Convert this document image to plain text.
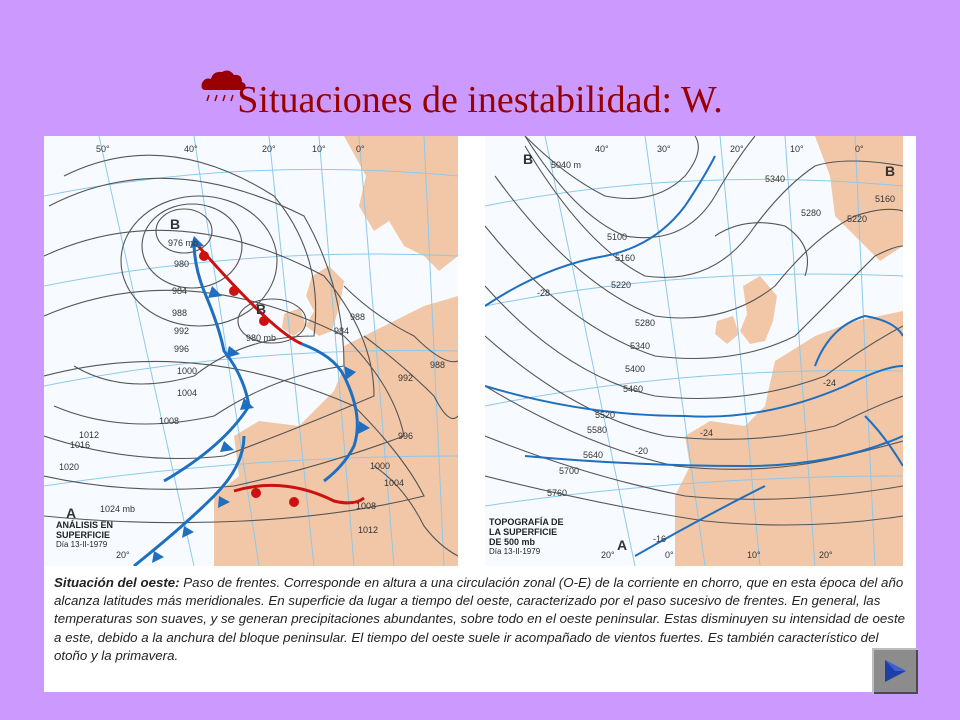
Situaciones de inestabilidad: W.
50°	40°	20°	10°	0°
20°
B
B
A
976 mb
980
984
988
992
996
1000
1004
1008
1012
1016
1020
1024 mb
980 mb
984
988
992
988
996
1000
1004
1008
1012
ANÁLISIS EN
SUPERFICIE
Día 13-II-1979
40°	30°	20°	10°	0°
20°	0°	10°	20°
B
B
A
5040 m
5100
5160
5220
5280
5340
5400
5460
5520
5580
5640
5700
5760
5340
5280
5220
5160
-28
-24
-20
-16
-24
TOPOGRAFÍA DE
LA SUPERFICIE
DE 500 mb
Día 13-II-1979
Situación del oeste: Paso de frentes. Corresponde en altura a una circulación zonal (O-E) de la corriente en chorro, que en esta época del año alcanza latitudes más meridionales. En superficie da lugar a tiempo del oeste, caracterizado por el paso sucesivo de frentes. En general, las temperaturas son suaves, y se generan precipitaciones abundantes, sobre todo en el oeste peninsular. Estas disminuyen su intensidad de oeste a este, debido a la anchura del bloque peninsular. El tiempo del oeste suele ir acompañado de vientos fuertes. Es también característico del otoño y la primavera.
